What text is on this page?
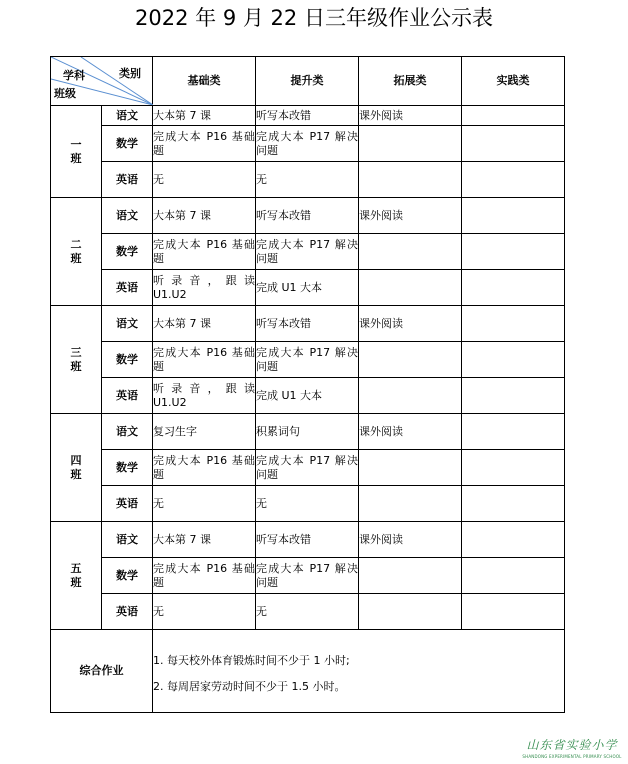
2022 年 9 月 22 日三年级作业公示表
类别
学科
班级		基础类	提升类	拓展类	实践类

一
班	语文	大本第 7 课	听写本改错	课外阅读	
	数学	完成大本 P16 基础题	完成大本 P17 解决问题		
	英语	无	无		

二
班	语文	大本第 7 课	听写本改错	课外阅读	
	数学	完成大本 P16 基础题	完成大本 P17 解决问题		
	英语	听录音，跟读 U1.U2	完成 U1 大本		

三
班	语文	大本第 7 课	听写本改错	课外阅读	
	数学	完成大本 P16 基础题	完成大本 P17 解决问题		
	英语	听录音，跟读 U1.U2	完成 U1 大本		

四
班	语文	复习生字	积累词句	课外阅读	
	数学	完成大本 P16 基础题	完成大本 P17 解决问题		
	英语	无	无		

五
班	语文	大本第 7 课	听写本改错	课外阅读	
	数学	完成大本 P16 基础题	完成大本 P17 解决问题		
	英语	无	无		
综合作业		1. 每天校外体育锻炼时间不少于 1 小时;
2. 每周居家劳动时间不少于 1.5 小时。			
山东省实验小学
SHANDONG EXPERIMENTAL PRIMARY SCHOOL
